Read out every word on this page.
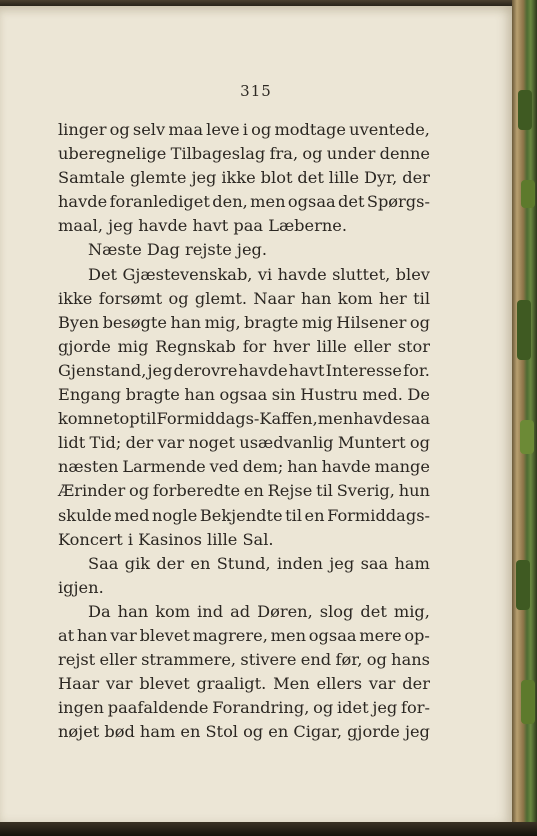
315
linger og selv maa leve i og modtage uventede,
uberegnelige Tilbageslag fra, og under denne
Samtale glemte jeg ikke blot det lille Dyr, der
havde foranlediget den, men ogsaa det Spørgs-
maal, jeg havde havt paa Læberne.
Næste Dag rejste jeg.
Det Gjæstevenskab, vi havde sluttet, blev
ikke forsømt og glemt. Naar han kom her til
Byen besøgte han mig, bragte mig Hilsener og
gjorde mig Regnskab for hver lille eller stor
Gjenstand, jeg derovre havde havt Interesse for.
Engang bragte han ogsaa sin Hustru med. De
kom netop til Formiddags-Kaffen, men havde saa
lidt Tid; der var noget usædvanlig Muntert og
næsten Larmende ved dem; han havde mange
Ærinder og forberedte en Rejse til Sverig, hun
skulde med nogle Bekjendte til en Formiddags-
Koncert i Kasinos lille Sal.
Saa gik der en Stund, inden jeg saa ham
igjen.
Da han kom ind ad Døren, slog det mig,
at han var blevet magrere, men ogsaa mere op-
rejst eller strammere, stivere end før, og hans
Haar var blevet graaligt. Men ellers var der
ingen paafaldende Forandring, og idet jeg for-
nøjet bød ham en Stol og en Cigar, gjorde jeg
